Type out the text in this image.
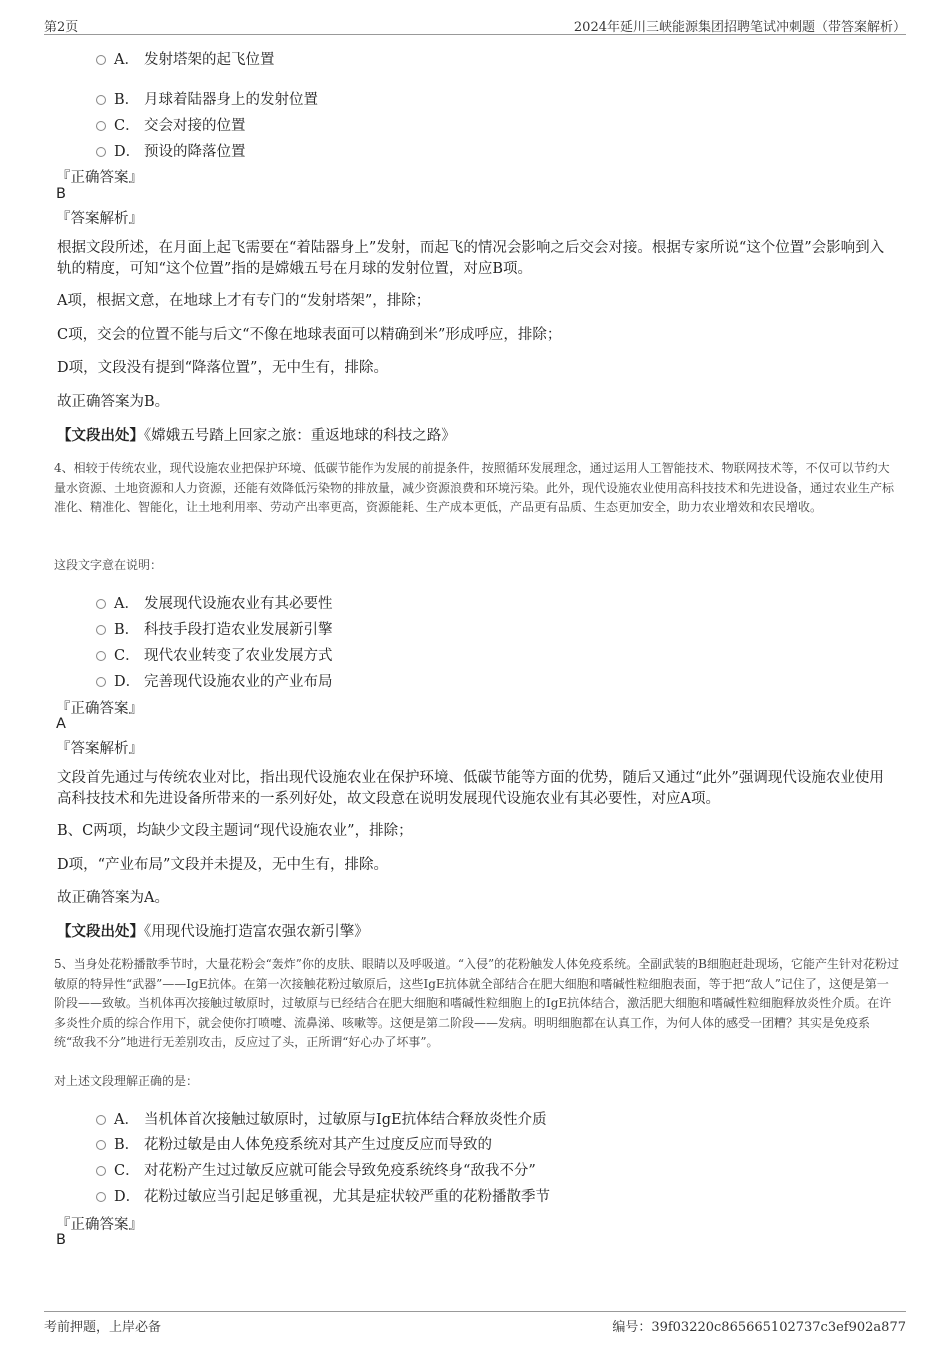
第2页	2024年延川三峡能源集团招聘笔试冲刺题（带答案解析）
A． 发射塔架的起飞位置
B． 月球着陆器身上的发射位置
C． 交会对接的位置
D． 预设的降落位置
『正确答案』
B
『答案解析』
根据文段所述，在月面上起飞需要在“着陆器身上”发射，而起飞的情况会影响之后交会对接。根据专家所说“这个位置”会影响到入轨的精度，可知“这个位置”指的是嫦娥五号在月球的发射位置，对应B项。
A项，根据文意，在地球上才有专门的“发射塔架”，排除；
C项，交会的位置不能与后文“不像在地球表面可以精确到米”形成呼应，排除；
D项，文段没有提到“降落位置”，无中生有，排除。
故正确答案为B。
【文段出处】《嫦娥五号踏上回家之旅：重返地球的科技之路》
4、相较于传统农业，现代设施农业把保护环境、低碳节能作为发展的前提条件，按照循环发展理念，通过运用人工智能技术、物联网技术等，不仅可以节约大量水资源、土地资源和人力资源，还能有效降低污染物的排放量，减少资源浪费和环境污染。此外，现代设施农业使用高科技技术和先进设备，通过农业生产标准化、精准化、智能化，让土地利用率、劳动产出率更高，资源能耗、生产成本更低，产品更有品质、生态更加安全，助力农业增效和农民增收。
这段文字意在说明：
A． 发展现代设施农业有其必要性
B． 科技手段打造农业发展新引擎
C． 现代农业转变了农业发展方式
D． 完善现代设施农业的产业布局
『正确答案』
A
『答案解析』
文段首先通过与传统农业对比，指出现代设施农业在保护环境、低碳节能等方面的优势，随后又通过“此外”强调现代设施农业使用高科技技术和先进设备所带来的一系列好处，故文段意在说明发展现代设施农业有其必要性，对应A项。
B、C两项，均缺少文段主题词“现代设施农业”，排除；
D项，“产业布局”文段并未提及，无中生有，排除。
故正确答案为A。
【文段出处】《用现代设施打造富农强农新引擎》
5、当身处花粉播散季节时，大量花粉会“轰炸”你的皮肤、眼睛以及呼吸道。“入侵”的花粉触发人体免疫系统。全副武装的B细胞赶赴现场，它能产生针对花粉过敏原的特异性“武器”——IgE抗体。在第一次接触花粉过敏原后，这些IgE抗体就全部结合在肥大细胞和嗜碱性粒细胞表面，等于把“敌人”记住了，这便是第一阶段——致敏。当机体再次接触过敏原时，过敏原与已经结合在肥大细胞和嗜碱性粒细胞上的IgE抗体结合，激活肥大细胞和嗜碱性粒细胞释放炎性介质。在许多炎性介质的综合作用下，就会使你打喷嚏、流鼻涕、咳嗽等。这便是第二阶段——发病。明明细胞都在认真工作，为何人体的感受一团糟？其实是免疫系统“敌我不分”地进行无差别攻击，反应过了头，正所谓“好心办了坏事”。
对上述文段理解正确的是：
A． 当机体首次接触过敏原时，过敏原与IgE抗体结合释放炎性介质
B． 花粉过敏是由人体免疫系统对其产生过度反应而导致的
C． 对花粉产生过过敏反应就可能会导致免疫系统终身“敌我不分”
D． 花粉过敏应当引起足够重视，尤其是症状较严重的花粉播散季节
『正确答案』
B
考前押题，上岸必备	编号：39f03220c865665102737c3ef902a877
